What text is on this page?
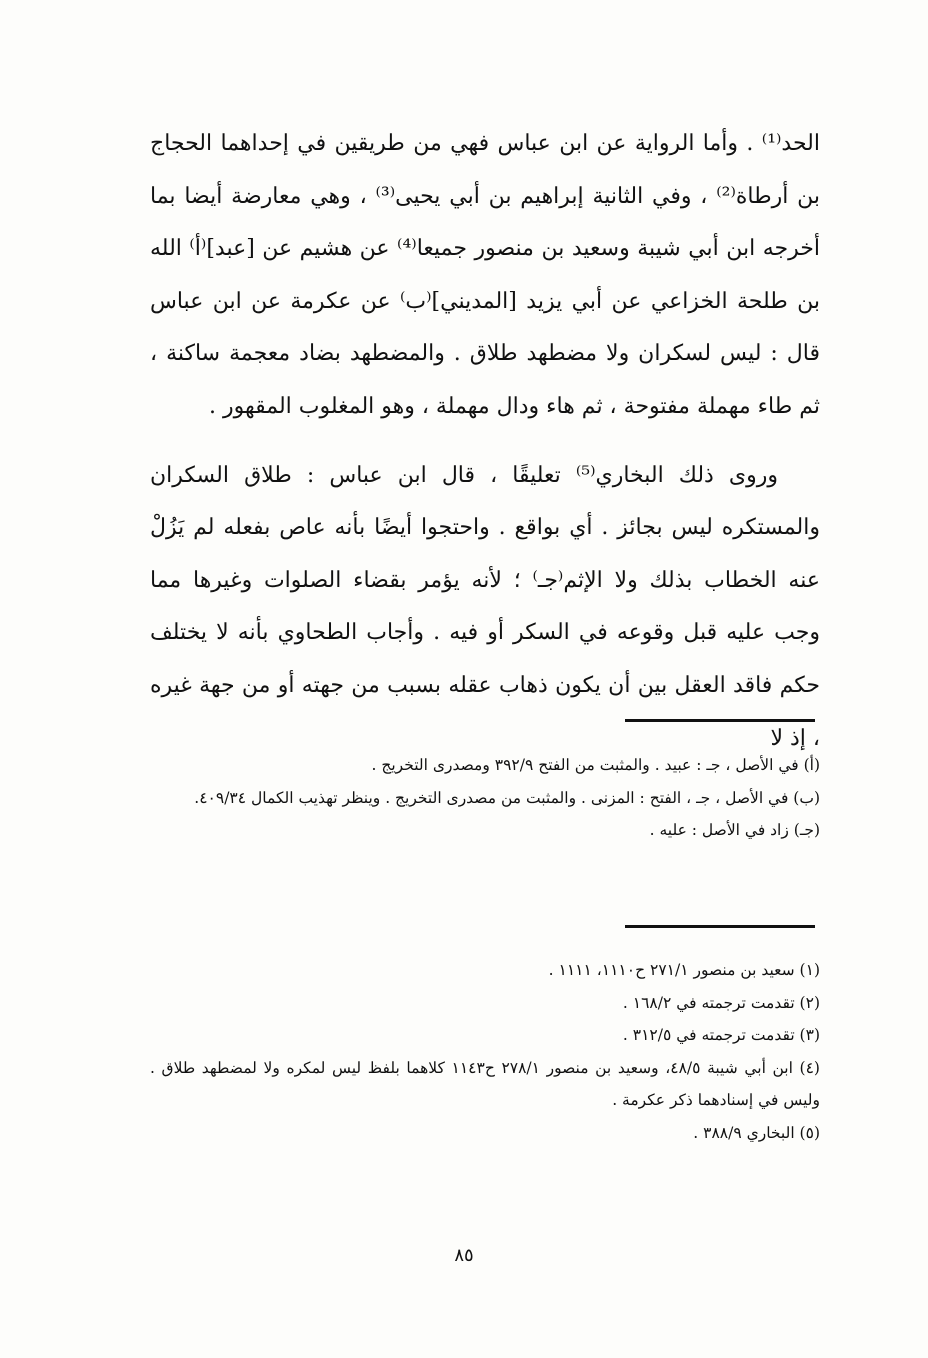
الحد⁽¹⁾ . وأما الرواية عن ابن عباس فهي من طريقين في إحداهما الحجاج بن أرطاة⁽²⁾ ، وفي الثانية إبراهيم بن أبي يحيى⁽³⁾ ، وهي معارضة أيضا بما أخرجه ابن أبي شيبة وسعيد بن منصور جميعا⁽⁴⁾ عن هشيم عن [عبد]⁽أ⁾ الله بن طلحة الخزاعي عن أبي يزيد [المديني]⁽ب⁾ عن عكرمة عن ابن عباس قال : ليس لسكران ولا مضطهد طلاق . والمضطهد بضاد معجمة ساكنة ، ثم طاء مهملة مفتوحة ، ثم هاء ودال مهملة ، وهو المغلوب المقهور .

وروى ذلك البخاري⁽⁵⁾ تعليقًا ، قال ابن عباس : طلاق السكران والمستكره ليس بجائز . أي بواقع . واحتجوا أيضًا بأنه عاص بفعله لم يَزُلْ عنه الخطاب بذلك ولا الإثم⁽جـ⁾ ؛ لأنه يؤمر بقضاء الصلوات وغيرها مما وجب عليه قبل وقوعه في السكر أو فيه . وأجاب الطحاوي بأنه لا يختلف حكم فاقد العقل بين أن يكون ذهاب عقله بسبب من جهته أو من جهة غيره ، إذ لا

(أ) في الأصل ، جـ : عبيد . والمثبت من الفتح ٣٩٢/٩ ومصدرى التخريج .

(ب) في الأصل ، جـ ، الفتح : المزنى . والمثبت من مصدرى التخريج . وينظر تهذيب الكمال ٤٠٩/٣٤.

(جـ) زاد في الأصل : عليه .

(١) سعيد بن منصور ٢٧١/١ ح١١١٠، ١١١١ .

(٢) تقدمت ترجمته في ١٦٨/٢ .

(٣) تقدمت ترجمته في ٣١٢/٥ .

(٤) ابن أبي شيبة ٤٨/٥، وسعيد بن منصور ٢٧٨/١ ح١١٤٣ كلاهما بلفظ ليس لمكره ولا لمضطهد طلاق . وليس في إسنادهما ذكر عكرمة .

(٥) البخاري ٣٨٨/٩ .

٨٥
